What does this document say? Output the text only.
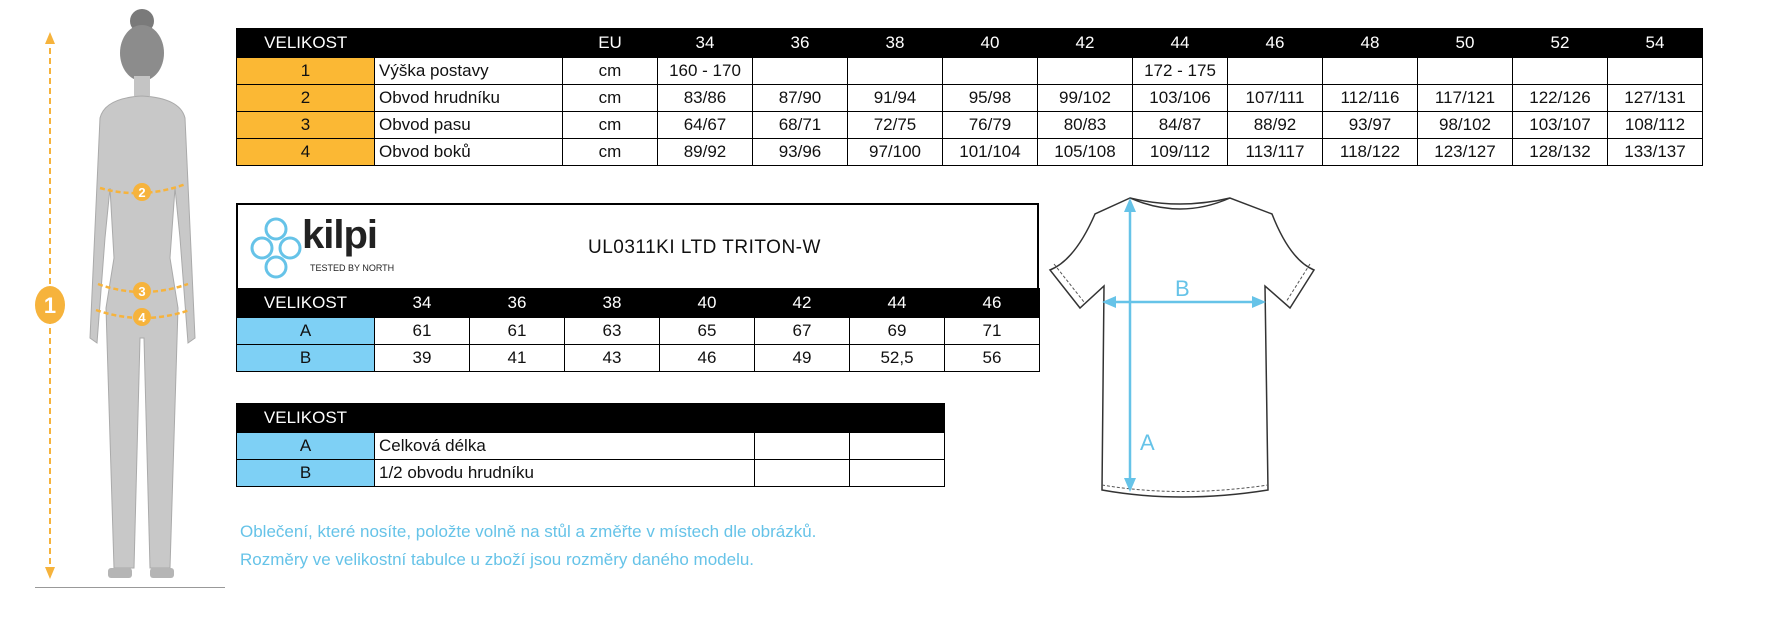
1
2
3
4
VELIKOST		EU	34	36	38	40	42	44	46	48	50	52	54
1	Výška postavy	cm	160 - 170					172 - 175					
2	Obvod hrudníku	cm	83/86	87/90	91/94	95/98	99/102	103/106	107/111	112/116	117/121	122/126	127/131
3	Obvod pasu	cm	64/67	68/71	72/75	76/79	80/83	84/87	88/92	93/97	98/102	103/107	108/112
4	Obvod boků	cm	89/92	93/96	97/100	101/104	105/108	109/112	113/117	118/122	123/127	128/132	133/137
kilpi
TESTED BY NORTH
UL0311KI LTD TRITON-W
VELIKOST	34	36	38	40	42	44	46
A	61	61	63	65	67	69	71
B	39	41	43	46	49	52,5	56
VELIKOST				
A	Celková délka			
B	1/2 obvodu hrudníku			
A
B
Oblečení, které nosíte, položte volně na stůl a změřte v místech dle obrázků.
Rozměry ve velikostní tabulce u zboží jsou rozměry daného modelu.
